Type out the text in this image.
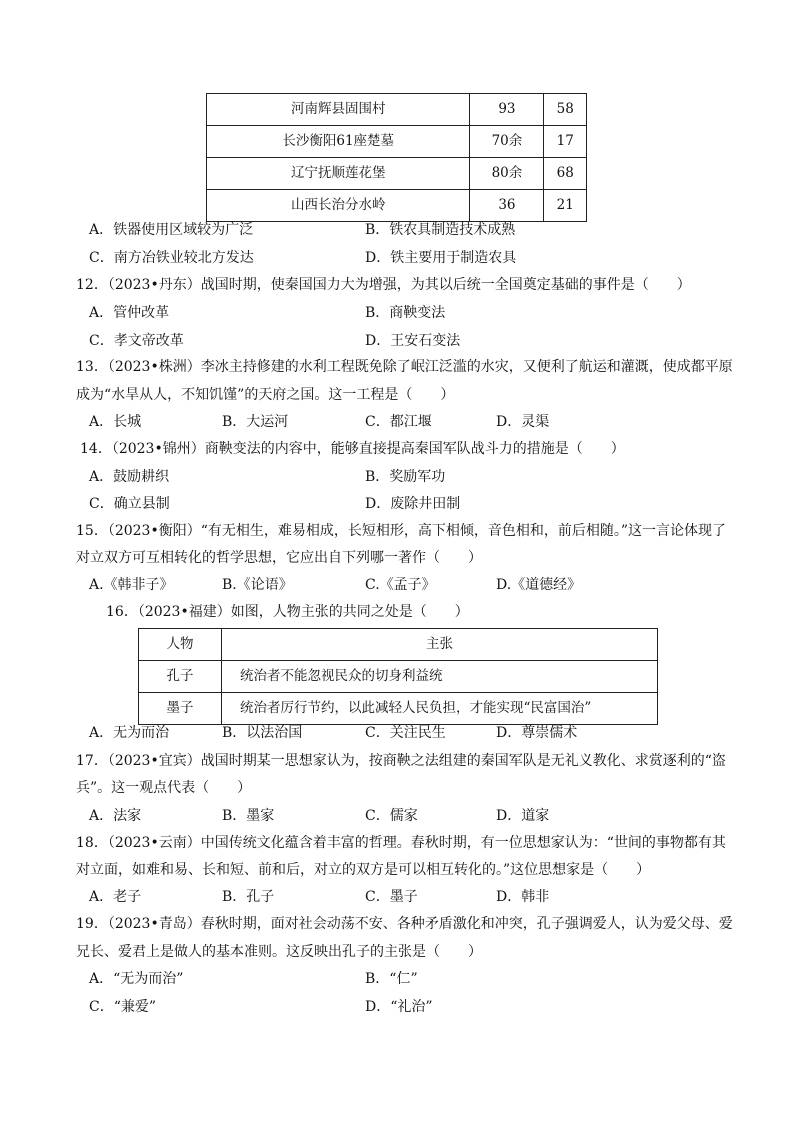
河南辉县固围村	93	58
长沙衡阳61座楚墓	70余	17
辽宁抚顺莲花堡	80余	68
山西长治分水岭	36	21
A．铁器使用区域较为广泛	B．铁农具制造技术成熟
C．南方冶铁业较北方发达	D．铁主要用于制造农具
12．（2023•丹东）战国时期，使秦国国力大为增强，为其以后统一全国奠定基础的事件是（　　）
A．管仲改革	B．商鞅变法
C．孝文帝改革	D．王安石变法
13．（2023•株洲）李冰主持修建的水利工程既免除了岷江泛滥的水灾，又便利了航运和灌溉，使成都平原
成为“水旱从人，不知饥馑”的天府之国。这一工程是（　　）
A．长城	B．大运河	C．都江堰	D．灵渠
14．（2023•锦州）商鞅变法的内容中，能够直接提高秦国军队战斗力的措施是（　　）
A．鼓励耕织	B．奖励军功
C．确立县制	D．废除井田制
15．（2023•衡阳）“有无相生，难易相成，长短相形，高下相倾，音色相和，前后相随。”这一言论体现了
对立双方可互相转化的哲学思想，它应出自下列哪一著作（　　）
A.《韩非子》	B.《论语》	C.《孟子》	D.《道德经》
16．（2023•福建）如图，人物主张的共同之处是（　　）
人物	主张
孔子	统治者不能忽视民众的切身利益统
墨子	统治者厉行节约，以此减轻人民负担，才能实现“民富国治”
A．无为而治	B．以法治国	C．关注民生	D．尊崇儒术
17．（2023•宜宾）战国时期某一思想家认为，按商鞅之法组建的秦国军队是无礼义教化、求赏逐利的“盗
兵”。这一观点代表（　　）
A．法家	B．墨家	C．儒家	D．道家
18．（2023•云南）中国传统文化蕴含着丰富的哲理。春秋时期，有一位思想家认为：“世间的事物都有其
对立面，如难和易、长和短、前和后，对立的双方是可以相互转化的。”这位思想家是（　　）
A．老子	B．孔子	C．墨子	D．韩非
19．（2023•青岛）春秋时期，面对社会动荡不安、各种矛盾激化和冲突，孔子强调爱人，认为爱父母、爱
兄长、爱君上是做人的基本准则。这反映出孔子的主张是（　　）
A．“无为而治”	B．“仁”
C．“兼爱”	D．“礼治”
